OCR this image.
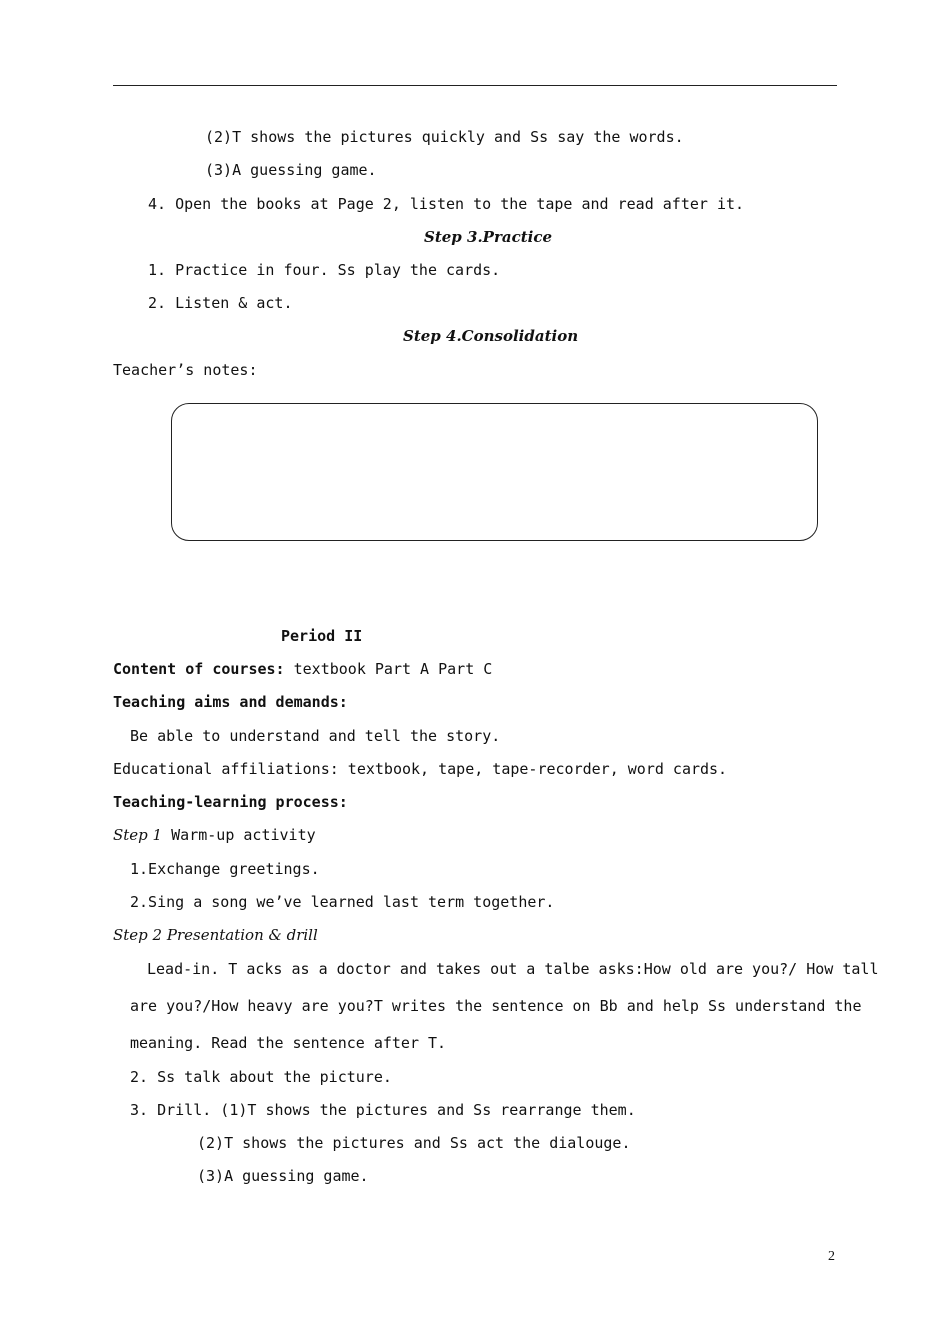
(2)T shows the pictures quickly and Ss say the words.
(3)A guessing game.
4. Open the books at Page 2, listen to the tape and read after it.
Step 3.Practice
1. Practice in four. Ss play the cards.
2. Listen & act.
Step 4.Consolidation
Teacher’s notes:
Period II
Content of courses: textbook Part A Part C
Teaching aims and demands:
Be able to understand and tell the story.
Educational affiliations: textbook, tape, tape-recorder, word cards.
Teaching-learning process:
Step 1 Warm-up activity
1.Exchange greetings.
2.Sing a song we’ve learned last term together.
Step 2 Presentation & drill
Lead-in. T acks as a doctor and takes out a talbe asks:How old are you?/ How tall
are you?/How heavy are you?T writes the sentence on Bb and help Ss understand the
meaning. Read the sentence after T.
2. Ss talk about the picture.
3. Drill. (1)T shows the pictures and Ss rearrange them.
(2)T shows the pictures and Ss act the dialouge.
(3)A guessing game.
2
